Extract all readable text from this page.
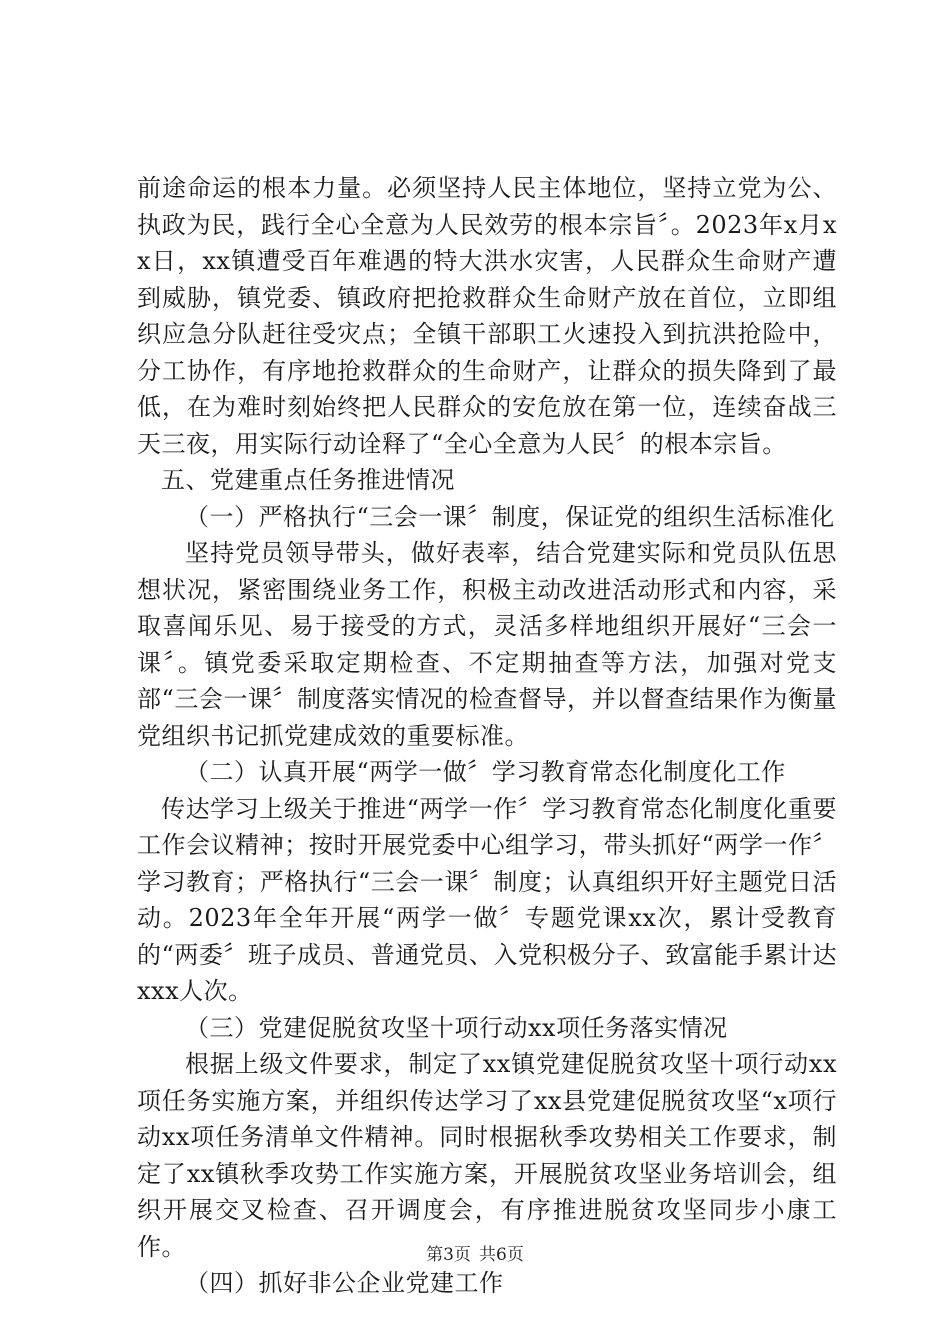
前途命运的根本力量。必须坚持人民主体地位，坚持立党为公、执政为民，践行全心全意为人民效劳的根本宗旨〞。2023年x月xx日，xx镇遭受百年难遇的特大洪水灾害，人民群众生命财产遭到威胁，镇党委、镇政府把抢救群众生命财产放在首位，立即组织应急分队赶往受灾点；全镇干部职工火速投入到抗洪抢险中，分工协作，有序地抢救群众的生命财产，让群众的损失降到了最低，在为难时刻始终把人民群众的安危放在第一位，连续奋战三天三夜，用实际行动诠释了“全心全意为人民〞的根本宗旨。

五、党建重点任务推进情况

（一）严格执行“三会一课〞制度，保证党的组织生活标准化

坚持党员领导带头，做好表率，结合党建实际和党员队伍思想状况，紧密围绕业务工作，积极主动改进活动形式和内容，采取喜闻乐见、易于接受的方式，灵活多样地组织开展好“三会一课〞。镇党委采取定期检查、不定期抽查等方法，加强对党支部“三会一课〞制度落实情况的检查督导，并以督查结果作为衡量党组织书记抓党建成效的重要标准。

（二）认真开展“两学一做〞学习教育常态化制度化工作

传达学习上级关于推进“两学一作〞学习教育常态化制度化重要工作会议精神；按时开展党委中心组学习，带头抓好“两学一作〞学习教育；严格执行“三会一课〞制度；认真组织开好主题党日活动。2023年全年开展“两学一做〞专题党课xx次，累计受教育的“两委〞班子成员、普通党员、入党积极分子、致富能手累计达xxx人次。

（三）党建促脱贫攻坚十项行动xx项任务落实情况

根据上级文件要求，制定了xx镇党建促脱贫攻坚十项行动xx项任务实施方案，并组织传达学习了xx县党建促脱贫攻坚“x项行动xx项任务清单文件精神。同时根据秋季攻势相关工作要求，制定了xx镇秋季攻势工作实施方案，开展脱贫攻坚业务培训会，组织开展交叉检查、召开调度会，有序推进脱贫攻坚同步小康工作。

（四）抓好非公企业党建工作

第3页 共6页
